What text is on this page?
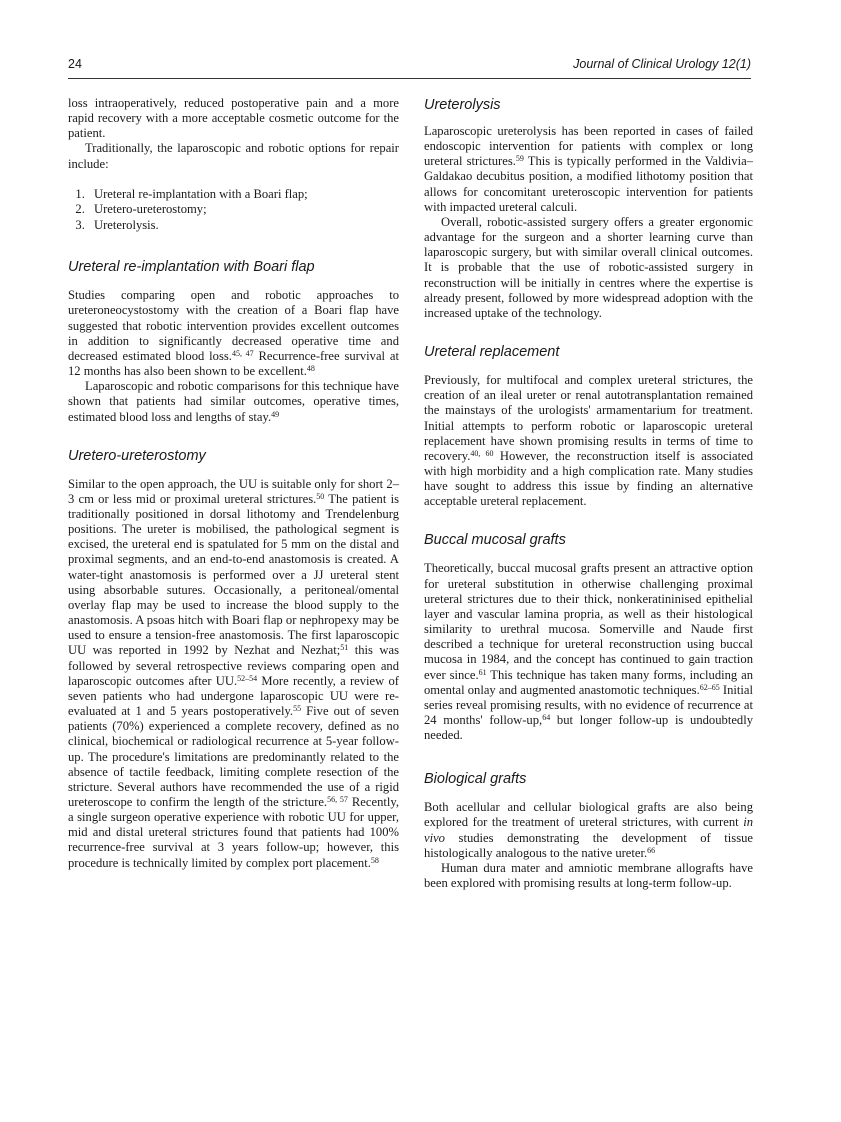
24	Journal of Clinical Urology 12(1)

loss intraoperatively, reduced postoperative pain and a more rapid recovery with a more acceptable cosmetic outcome for the patient.

Traditionally, the laparoscopic and robotic options for repair include:

1. Ureteral re-implantation with a Boari flap;
2. Uretero-ureterostomy;
3. Ureterolysis.
Ureteral re-implantation with Boari flap

Studies comparing open and robotic approaches to ureteroneocystostomy with the creation of a Boari flap have suggested that robotic intervention provides excellent outcomes in addition to significantly decreased operative time and decreased estimated blood loss.$^{45, 47}$ Recurrence-free survival at 12 months has also been shown to be excellent.$^{48}$

Laparoscopic and robotic comparisons for this technique have shown that patients had similar outcomes, operative times, estimated blood loss and lengths of stay.$^{49}$

Uretero-ureterostomy

Similar to the open approach, the UU is suitable only for short 2–3 cm or less mid or proximal ureteral strictures.$^{50}$ The patient is traditionally positioned in dorsal lithotomy and Trendelenburg positions. The ureter is mobilised, the pathological segment is excised, the ureteral end is spatulated for 5 mm on the distal and proximal segments, and an end-to-end anastomosis is created. A water-tight anastomosis is performed over a JJ ureteral stent using absorbable sutures. Occasionally, a peritoneal/omental overlay flap may be used to increase the blood supply to the anastomosis. A psoas hitch with Boari flap or nephropexy may be used to ensure a tension-free anastomosis. The first laparoscopic UU was reported in 1992 by Nezhat and Nezhat;$^{51}$ this was followed by several retrospective reviews comparing open and laparoscopic outcomes after UU.$^{52-54}$ More recently, a review of seven patients who had undergone laparoscopic UU were re-evaluated at 1 and 5 years postoperatively.$^{55}$ Five out of seven patients (70%) experienced a complete recovery, defined as no clinical, biochemical or radiological recurrence at 5-year follow-up. The procedure's limitations are predominantly related to the absence of tactile feedback, limiting complete resection of the stricture. Several authors have recommended the use of a rigid ureteroscope to confirm the length of the stricture.$^{56, 57}$ Recently, a single surgeon operative experience with robotic UU for upper, mid and distal ureteral strictures found that patients had 100% recurrence-free survival at 3 years follow-up; however, this procedure is technically limited by complex port placement.$^{58}$

Ureterolysis

Laparoscopic ureterolysis has been reported in cases of failed endoscopic intervention for patients with complex or long ureteral strictures.$^{59}$ This is typically performed in the Valdivia–Galdakao decubitus position, a modified lithotomy position that allows for concomitant ureteroscopic intervention for patients with impacted ureteral calculi.

Overall, robotic-assisted surgery offers a greater ergonomic advantage for the surgeon and a shorter learning curve than laparoscopic surgery, but with similar overall clinical outcomes. It is probable that the use of robotic-assisted surgery in reconstruction will be initially in centres where the expertise is already present, followed by more widespread adoption with the increased uptake of the technology.

Ureteral replacement

Previously, for multifocal and complex ureteral strictures, the creation of an ileal ureter or renal autotransplantation remained the mainstays of the urologists' armamentarium for treatment. Initial attempts to perform robotic or laparoscopic ureteral replacement have shown promising results in terms of time to recovery.$^{40, 60}$ However, the reconstruction itself is associated with high morbidity and a high complication rate. Many studies have sought to address this issue by finding an alternative acceptable ureteral replacement.

Buccal mucosal grafts

Theoretically, buccal mucosal grafts present an attractive option for ureteral substitution in otherwise challenging proximal ureteral strictures due to their thick, nonkeratininised epithelial layer and vascular lamina propria, as well as their histological similarity to urethral mucosa. Somerville and Naude first described a technique for ureteral reconstruction using buccal mucosa in 1984, and the concept has continued to gain traction ever since.$^{61}$ This technique has taken many forms, including an omental onlay and augmented anastomotic techniques.$^{62-65}$ Initial series reveal promising results, with no evidence of recurrence at 24 months' follow-up,$^{64}$ but longer follow-up is undoubtedly needed.

Biological grafts

Both acellular and cellular biological grafts are also being explored for the treatment of ureteral strictures, with current in vivo studies demonstrating the development of tissue histologically analogous to the native ureter.$^{66}$

Human dura mater and amniotic membrane allografts have been explored with promising results at long-term follow-up.
